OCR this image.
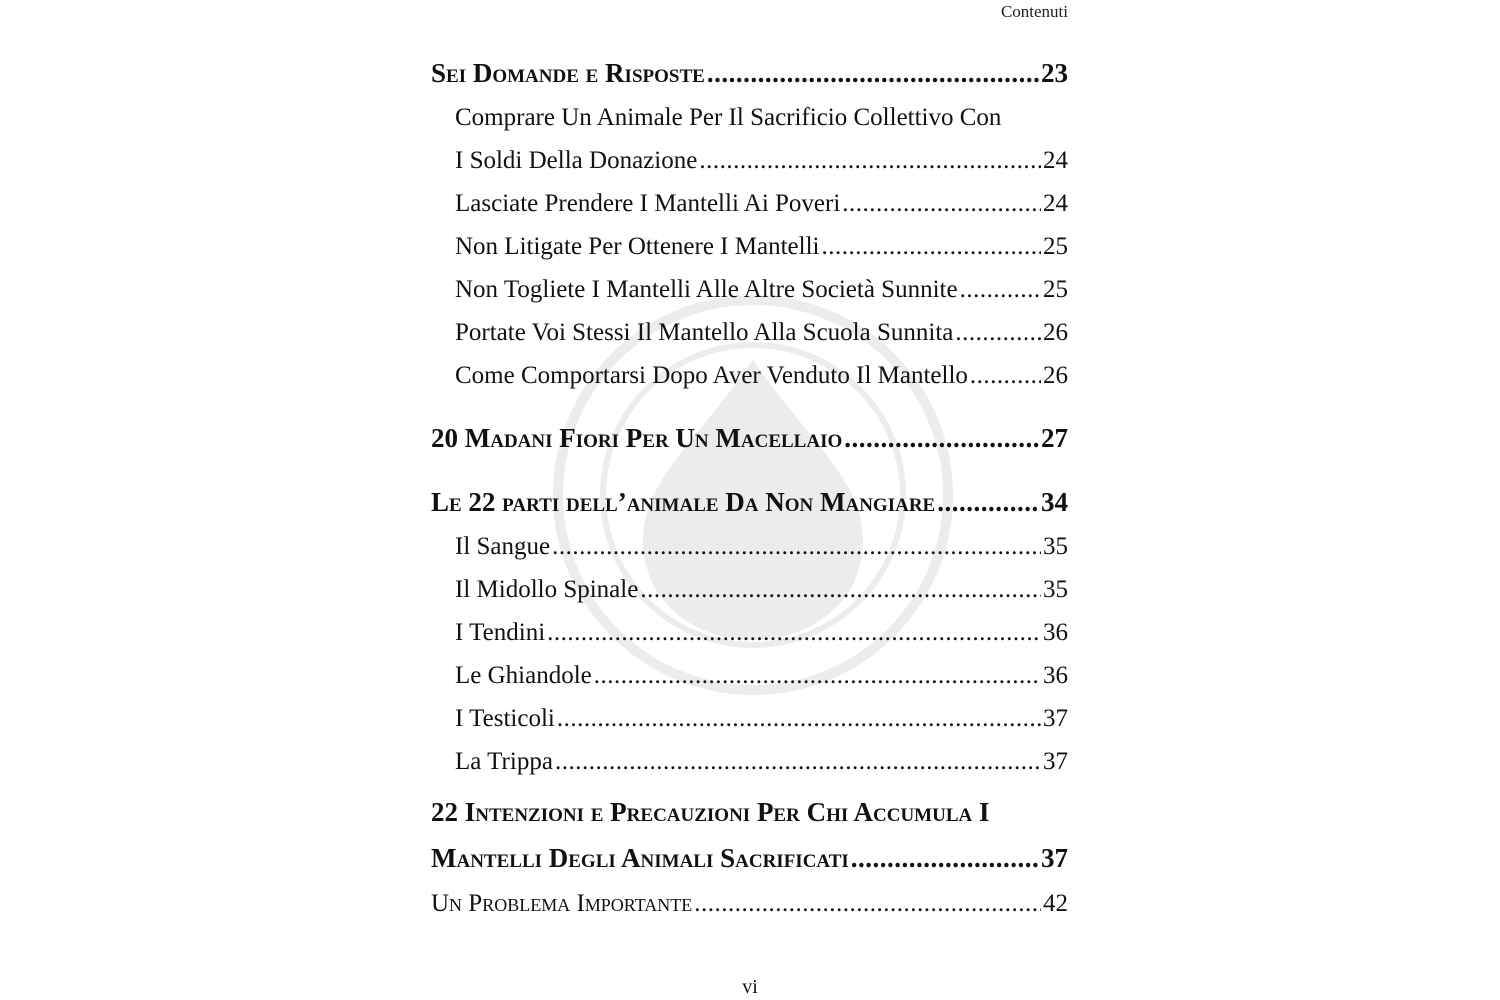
Contenuti
Sei Domande e Risposte .....	23
Comprare Un Animale Per Il Sacrificio Collettivo Con
I Soldi Della Donazione .....	24
Lasciate Prendere I Mantelli Ai Poveri .....	24
Non Litigate Per Ottenere I Mantelli .....	25
Non Togliete I Mantelli Alle Altre Società Sunnite .....	25
Portate Voi Stessi Il Mantello Alla Scuola Sunnita .....	26
Come Comportarsi Dopo Aver Venduto Il Mantello .....	26
20 Madani Fiori Per Un Macellaio .....	27
Le 22 parti dell’animale Da Non Mangiare .....	34
Il Sangue .....	35
Il Midollo Spinale .....	35
I Tendini .....	36
Le Ghiandole .....	36
I Testicoli .....	37
La Trippa .....	37
22 Intenzioni e Precauzioni Per Chi Accumula I
Mantelli Degli Animali Sacrificati .....	37
Un Problema Importante .....	42
vi
